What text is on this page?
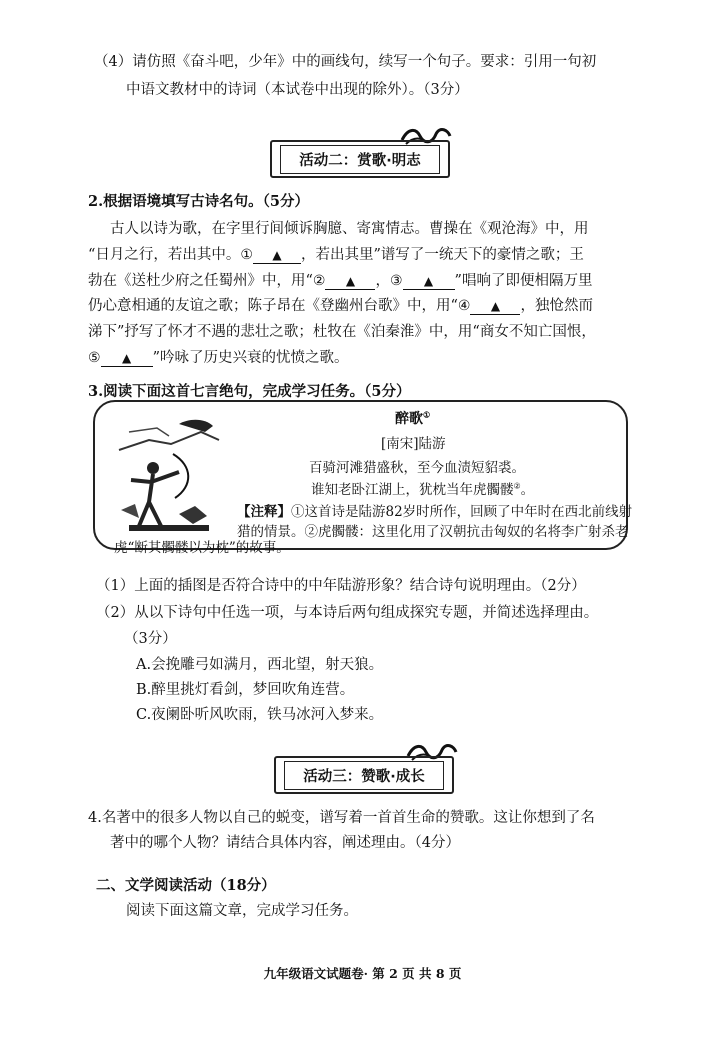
（4）请仿照《奋斗吧，少年》中的画线句，续写一个句子。要求：引用一句初
中语文教材中的诗词（本试卷中出现的除外）。（3分）
活动二：赏歌·明志
2.根据语境填写古诗名句。（5分）
古人以诗为歌，在字里行间倾诉胸臆、寄寓情志。曹操在《观沧海》中，用
“日月之行，若出其中。① ▲ ，若出其里”谱写了一统天下的豪情之歌；王
勃在《送杜少府之任蜀州》中，用“② ▲ ，③ ▲ ”唱响了即便相隔万里
仍心意相通的友谊之歌；陈子昂在《登幽州台歌》中，用“④ ▲ ，独怆然而
涕下”抒写了怀才不遇的悲壮之歌；杜牧在《泊秦淮》中，用“商女不知亡国恨，
⑤ ▲ ”吟咏了历史兴衰的忧愤之歌。
3.阅读下面这首七言绝句，完成学习任务。（5分）
醉歌①
[南宋]陆游
百骑河滩猎盛秋，至今血渍短貂裘。
谁知老卧江湖上，犹枕当年虎髑髅②。
【注释】①这首诗是陆游82岁时所作，回顾了中年时在西北前线射
猎的情景。②虎髑髅：这里化用了汉朝抗击匈奴的名将李广射杀老
虎“断其髑髅以为枕”的故事。
（1）上面的插图是否符合诗中的中年陆游形象？结合诗句说明理由。（2分）
（2）从以下诗句中任选一项，与本诗后两句组成探究专题，并简述选择理由。
（3分）
A.会挽雕弓如满月，西北望，射天狼。
B.醉里挑灯看剑，梦回吹角连营。
C.夜阑卧听风吹雨，铁马冰河入梦来。
活动三：赞歌·成长
4.名著中的很多人物以自己的蜕变，谱写着一首首生命的赞歌。这让你想到了名
著中的哪个人物？请结合具体内容，阐述理由。（4分）
二、文学阅读活动（18分）
阅读下面这篇文章，完成学习任务。
九年级语文试题卷· 第 2 页 共 8 页
